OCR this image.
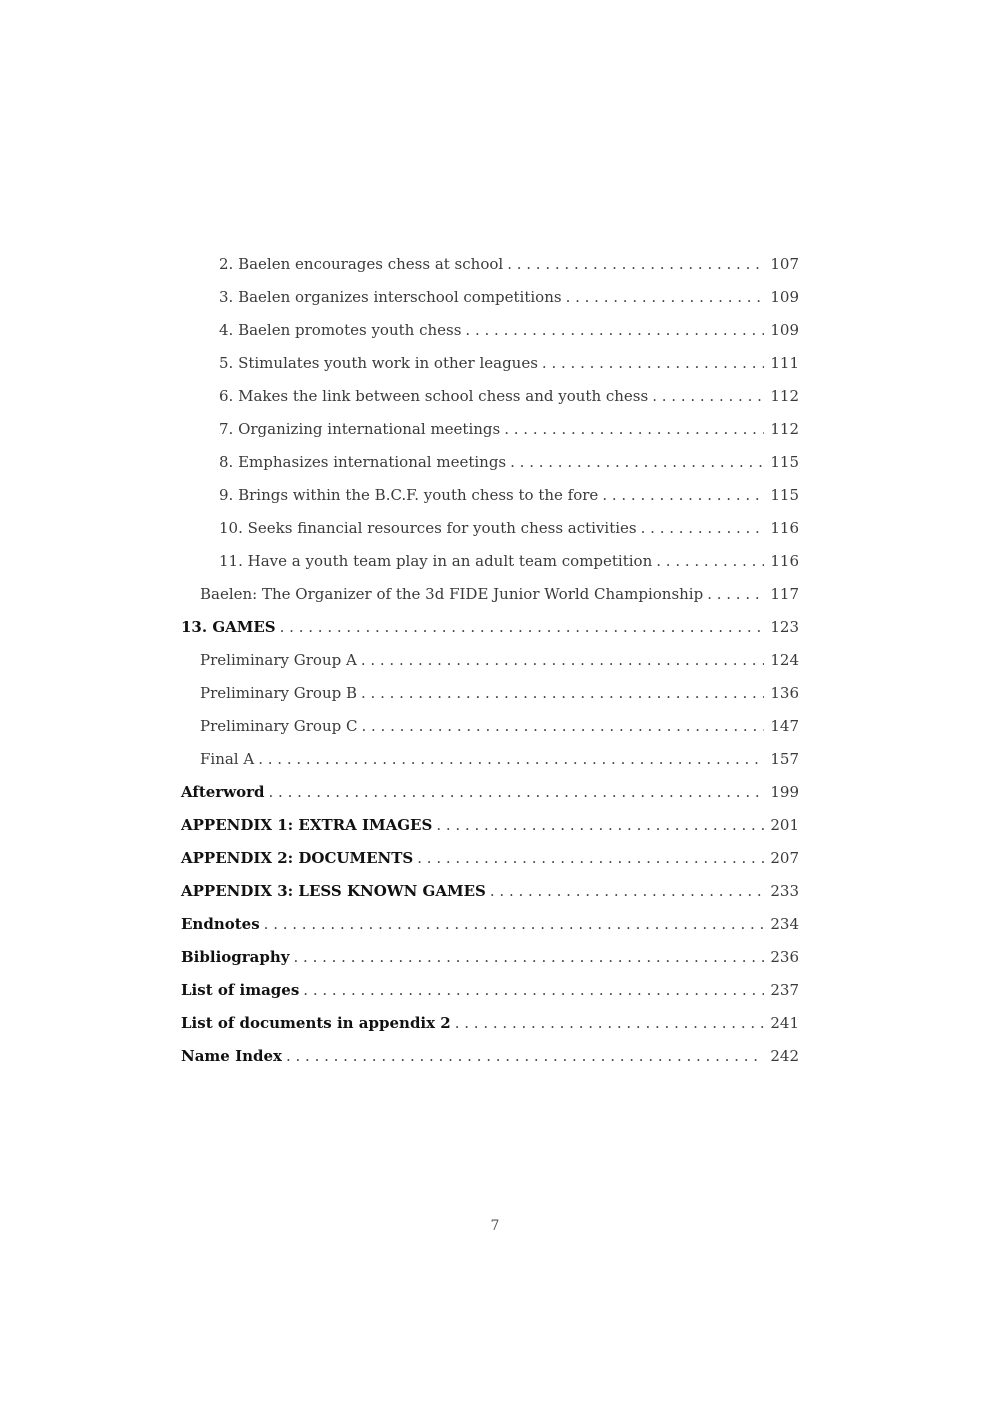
2. Baelen encourages chess at school . . .	107
3. Baelen organizes interschool competitions . . .	109
4. Baelen promotes youth chess . . .	109
5. Stimulates youth work in other leagues . . .	111
6. Makes the link between school chess and youth chess . . .	112
7. Organizing international meetings . . .	112
8. Emphasizes international meetings . . .	115
9. Brings within the B.C.F. youth chess to the fore . . .	115
10. Seeks financial resources for youth chess activities . . .	116
11. Have a youth team play in an adult team competition . . .	116
Baelen: The Organizer of the 3d FIDE Junior World Championship . . .	117
13. GAMES . . .	123
Preliminary Group A . . .	124
Preliminary Group B . . .	136
Preliminary Group C . . .	147
Final A . . .	157
Afterword . . .	199
APPENDIX 1: EXTRA IMAGES . . .	201
APPENDIX 2: DOCUMENTS . . .	207
APPENDIX 3: LESS KNOWN GAMES . . .	233
Endnotes . . .	234
Bibliography . . .	236
List of images . . .	237
List of documents in appendix 2 . . .	241
Name Index . . .	242
7
